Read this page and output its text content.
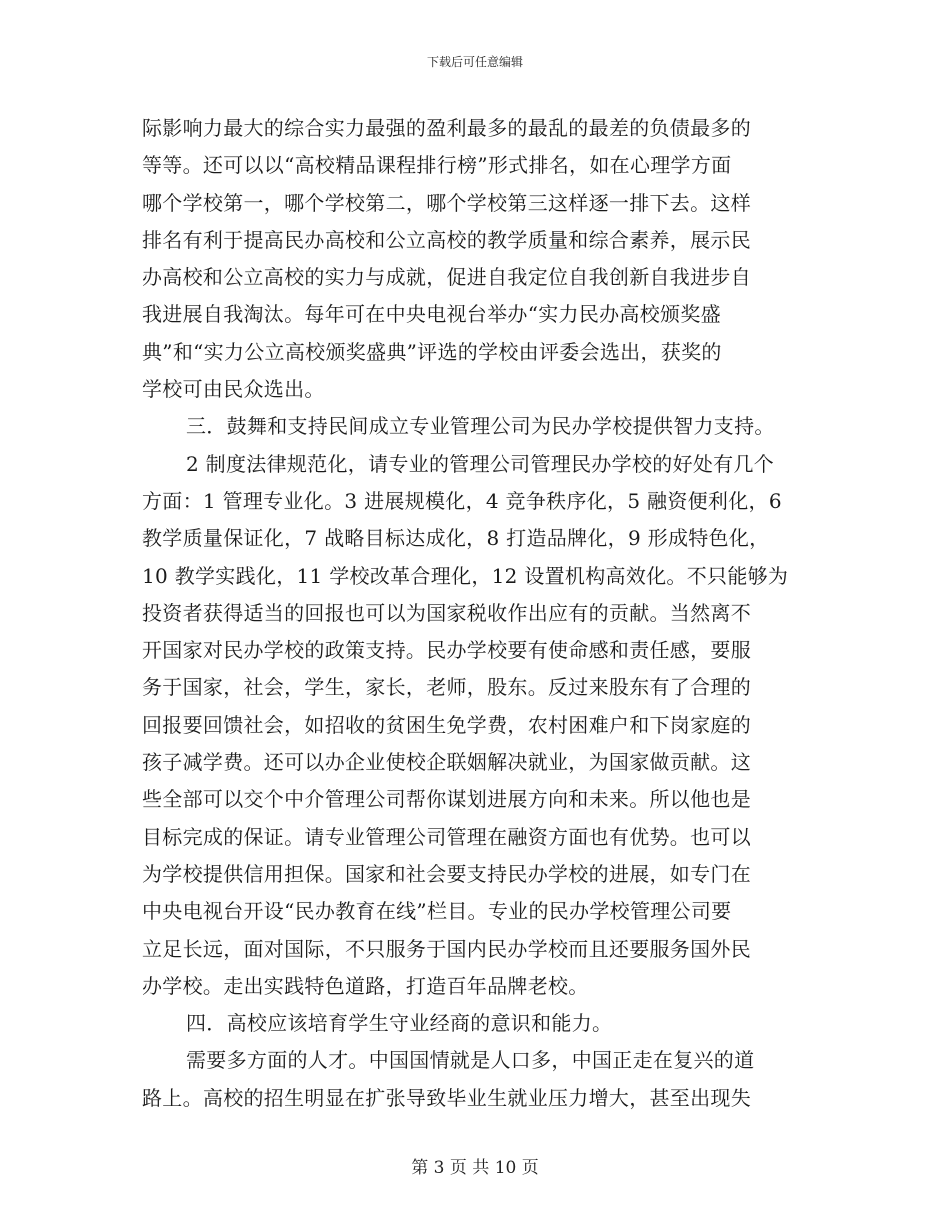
下载后可任意编辑
际影响力最大的综合实力最强的盈利最多的最乱的最差的负债最多的
等等。还可以以“高校精品课程排行榜”形式排名，如在心理学方面
哪个学校第一，哪个学校第二，哪个学校第三这样逐一排下去。这样
排名有利于提高民办高校和公立高校的教学质量和综合素养，展示民
办高校和公立高校的实力与成就，促进自我定位自我创新自我进步自
我进展自我淘汰。每年可在中央电视台举办“实力民办高校颁奖盛
典”和“实力公立高校颁奖盛典”评选的学校由评委会选出，获奖的
学校可由民众选出。
三．鼓舞和支持民间成立专业管理公司为民办学校提供智力支持。
2 制度法律规范化，请专业的管理公司管理民办学校的好处有几个
方面：1 管理专业化。3 进展规模化，4 竞争秩序化，5 融资便利化，6
教学质量保证化，7 战略目标达成化，8 打造品牌化，9 形成特色化，
10 教学实践化，11 学校改革合理化，12 设置机构高效化。不只能够为
投资者获得适当的回报也可以为国家税收作出应有的贡献。当然离不
开国家对民办学校的政策支持。民办学校要有使命感和责任感，要服
务于国家，社会，学生，家长，老师，股东。反过来股东有了合理的
回报要回馈社会，如招收的贫困生免学费，农村困难户和下岗家庭的
孩子减学费。还可以办企业使校企联姻解决就业，为国家做贡献。这
些全部可以交个中介管理公司帮你谋划进展方向和未来。所以他也是
目标完成的保证。请专业管理公司管理在融资方面也有优势。也可以
为学校提供信用担保。国家和社会要支持民办学校的进展，如专门在
中央电视台开设“民办教育在线”栏目。专业的民办学校管理公司要
立足长远，面对国际，不只服务于国内民办学校而且还要服务国外民
办学校。走出实践特色道路，打造百年品牌老校。
四．高校应该培育学生守业经商的意识和能力。
需要多方面的人才。中国国情就是人口多，中国正走在复兴的道
路上。高校的招生明显在扩张导致毕业生就业压力增大，甚至出现失
第 3 页 共 10 页
